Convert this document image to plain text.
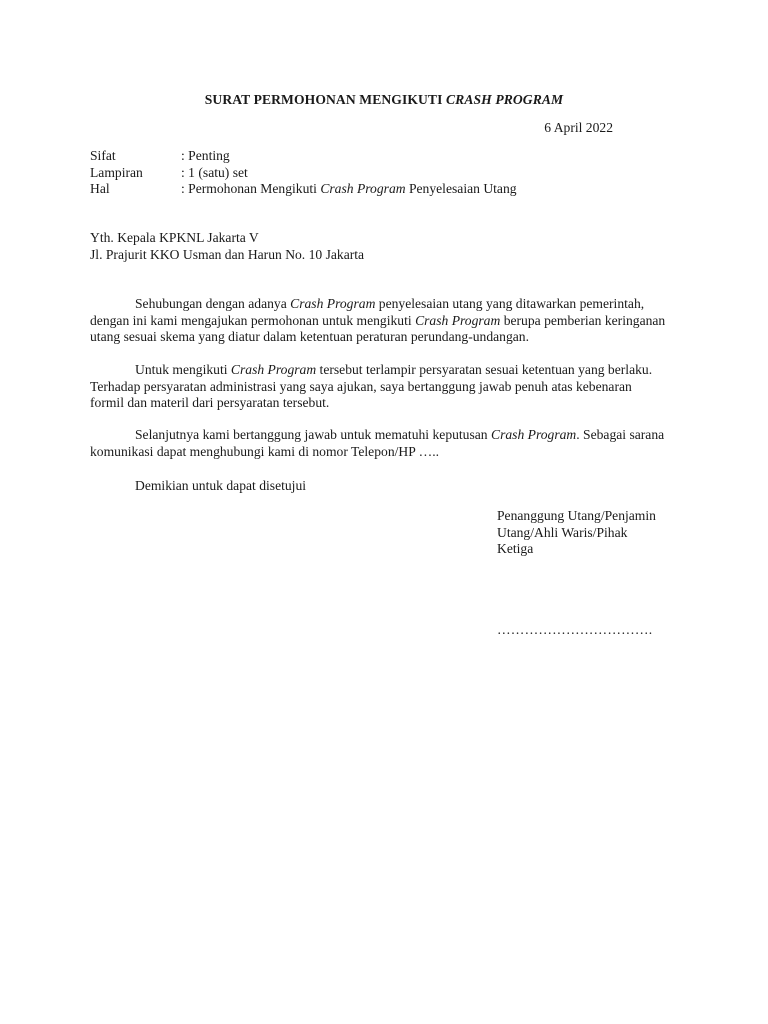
SURAT PERMOHONAN MENGIKUTI CRASH PROGRAM
6 April 2022
Sifat	: Penting
Lampiran	: 1 (satu) set
Hal	: Permohonan Mengikuti Crash Program Penyelesaian Utang
Yth. Kepala KPKNL Jakarta V
Jl. Prajurit KKO Usman dan Harun No. 10 Jakarta
Sehubungan dengan adanya Crash Program penyelesaian utang yang ditawarkan pemerintah,
dengan ini kami mengajukan permohonan untuk mengikuti Crash Program berupa pemberian keringanan
utang sesuai skema yang diatur dalam ketentuan peraturan perundang-undangan.
Untuk mengikuti Crash Program tersebut terlampir persyaratan sesuai ketentuan yang berlaku.
Terhadap persyaratan administrasi yang saya ajukan, saya bertanggung jawab penuh atas kebenaran
formil dan materil dari persyaratan tersebut.
Selanjutnya kami bertanggung jawab untuk mematuhi keputusan Crash Program. Sebagai sarana
komunikasi dapat menghubungi kami di nomor Telepon/HP …..
Demikian untuk dapat disetujui
Penanggung Utang/Penjamin
Utang/Ahli Waris/Pihak
Ketiga
…………………………….
